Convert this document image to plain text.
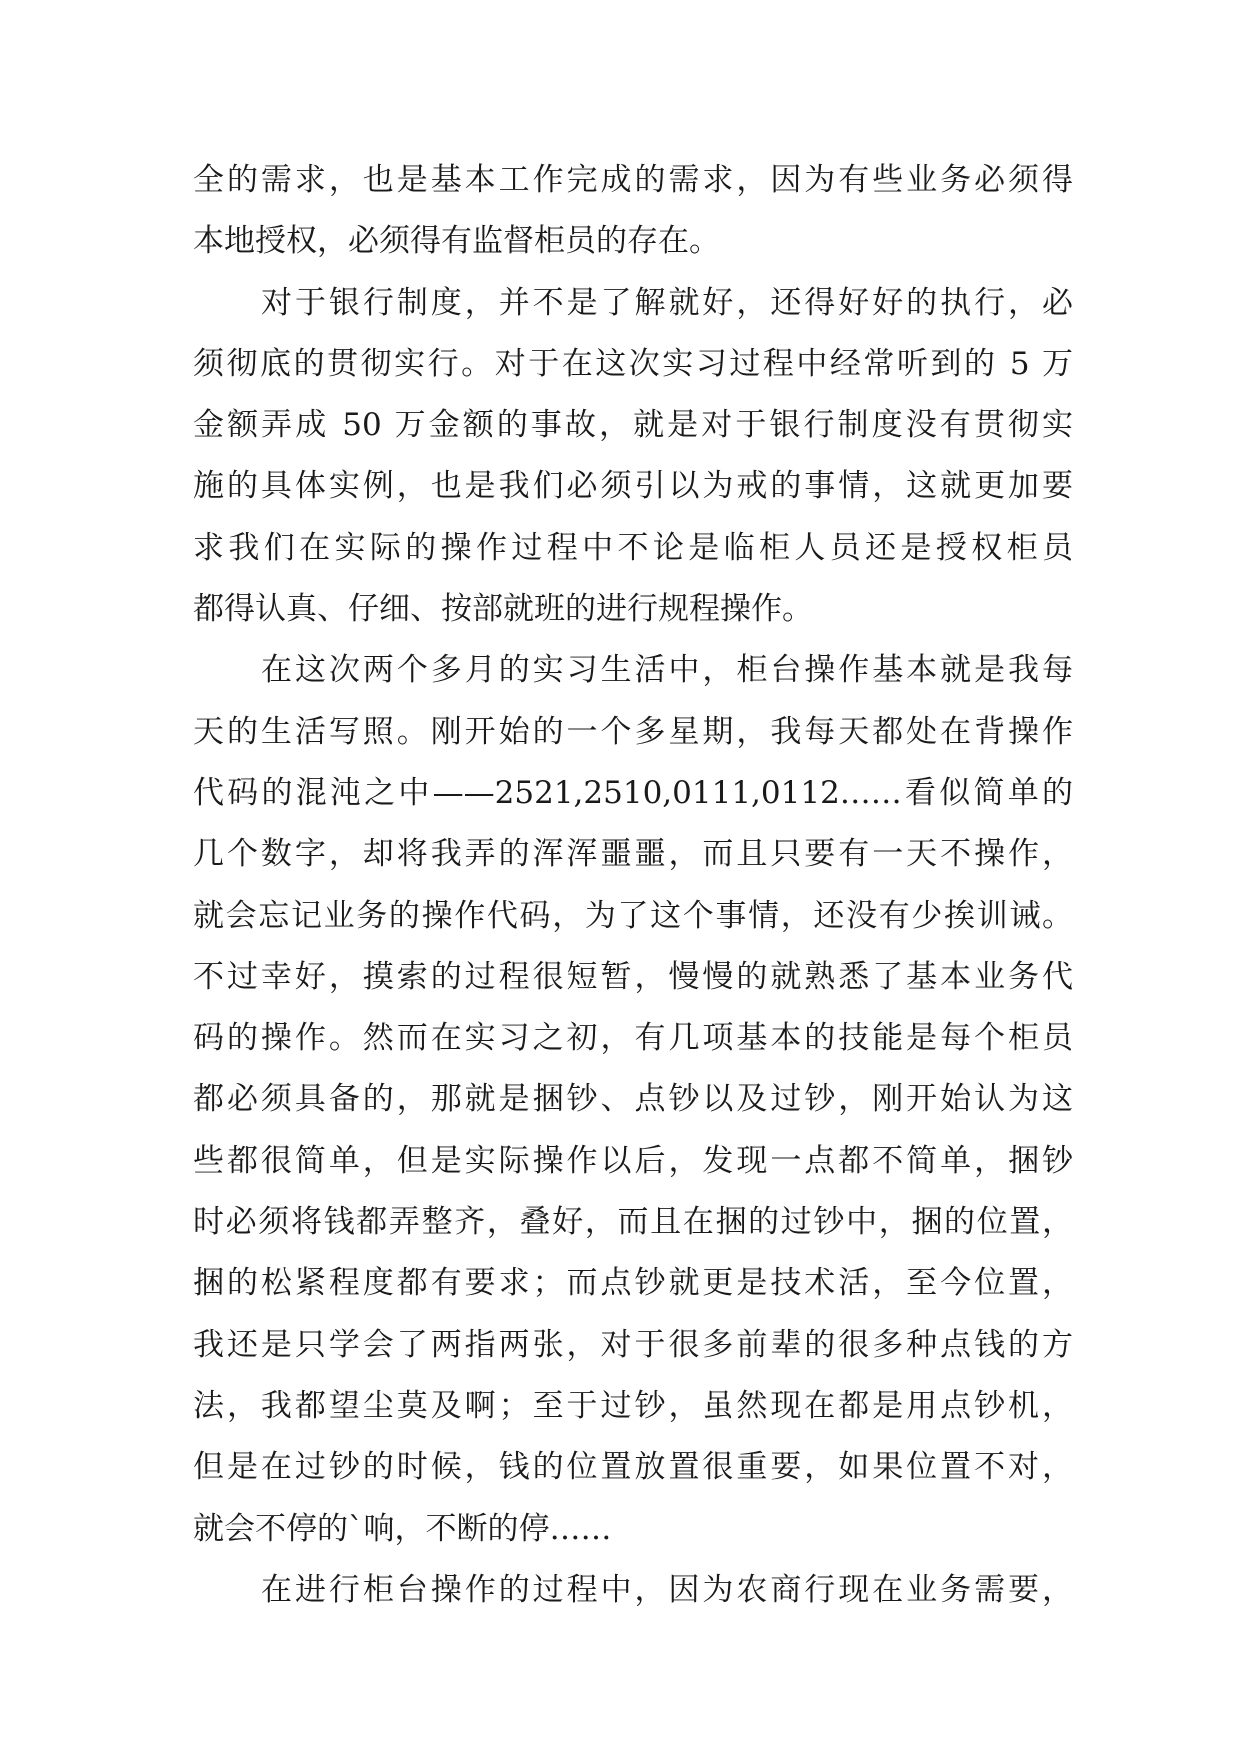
全的需求，也是基本工作完成的需求，因为有些业务必须得
本地授权，必须得有监督柜员的存在。
对于银行制度，并不是了解就好，还得好好的执行，必
须彻底的贯彻实行。对于在这次实习过程中经常听到的 5 万
金额弄成 50 万金额的事故，就是对于银行制度没有贯彻实
施的具体实例，也是我们必须引以为戒的事情，这就更加要
求我们在实际的操作过程中不论是临柜人员还是授权柜员
都得认真、仔细、按部就班的进行规程操作。
在这次两个多月的实习生活中，柜台操作基本就是我每
天的生活写照。刚开始的一个多星期，我每天都处在背操作
代码的混沌之中——2521,2510,0111,0112……看似简单的
几个数字，却将我弄的浑浑噩噩，而且只要有一天不操作，
就会忘记业务的操作代码，为了这个事情，还没有少挨训诫。
不过幸好，摸索的过程很短暂，慢慢的就熟悉了基本业务代
码的操作。然而在实习之初，有几项基本的技能是每个柜员
都必须具备的，那就是捆钞、点钞以及过钞，刚开始认为这
些都很简单，但是实际操作以后，发现一点都不简单，捆钞
时必须将钱都弄整齐，叠好，而且在捆的过钞中，捆的位置，
捆的松紧程度都有要求；而点钞就更是技术活，至今位置，
我还是只学会了两指两张，对于很多前辈的很多种点钱的方
法，我都望尘莫及啊；至于过钞，虽然现在都是用点钞机，
但是在过钞的时候，钱的位置放置很重要，如果位置不对，
就会不停的`响，不断的停……
在进行柜台操作的过程中，因为农商行现在业务需要，
